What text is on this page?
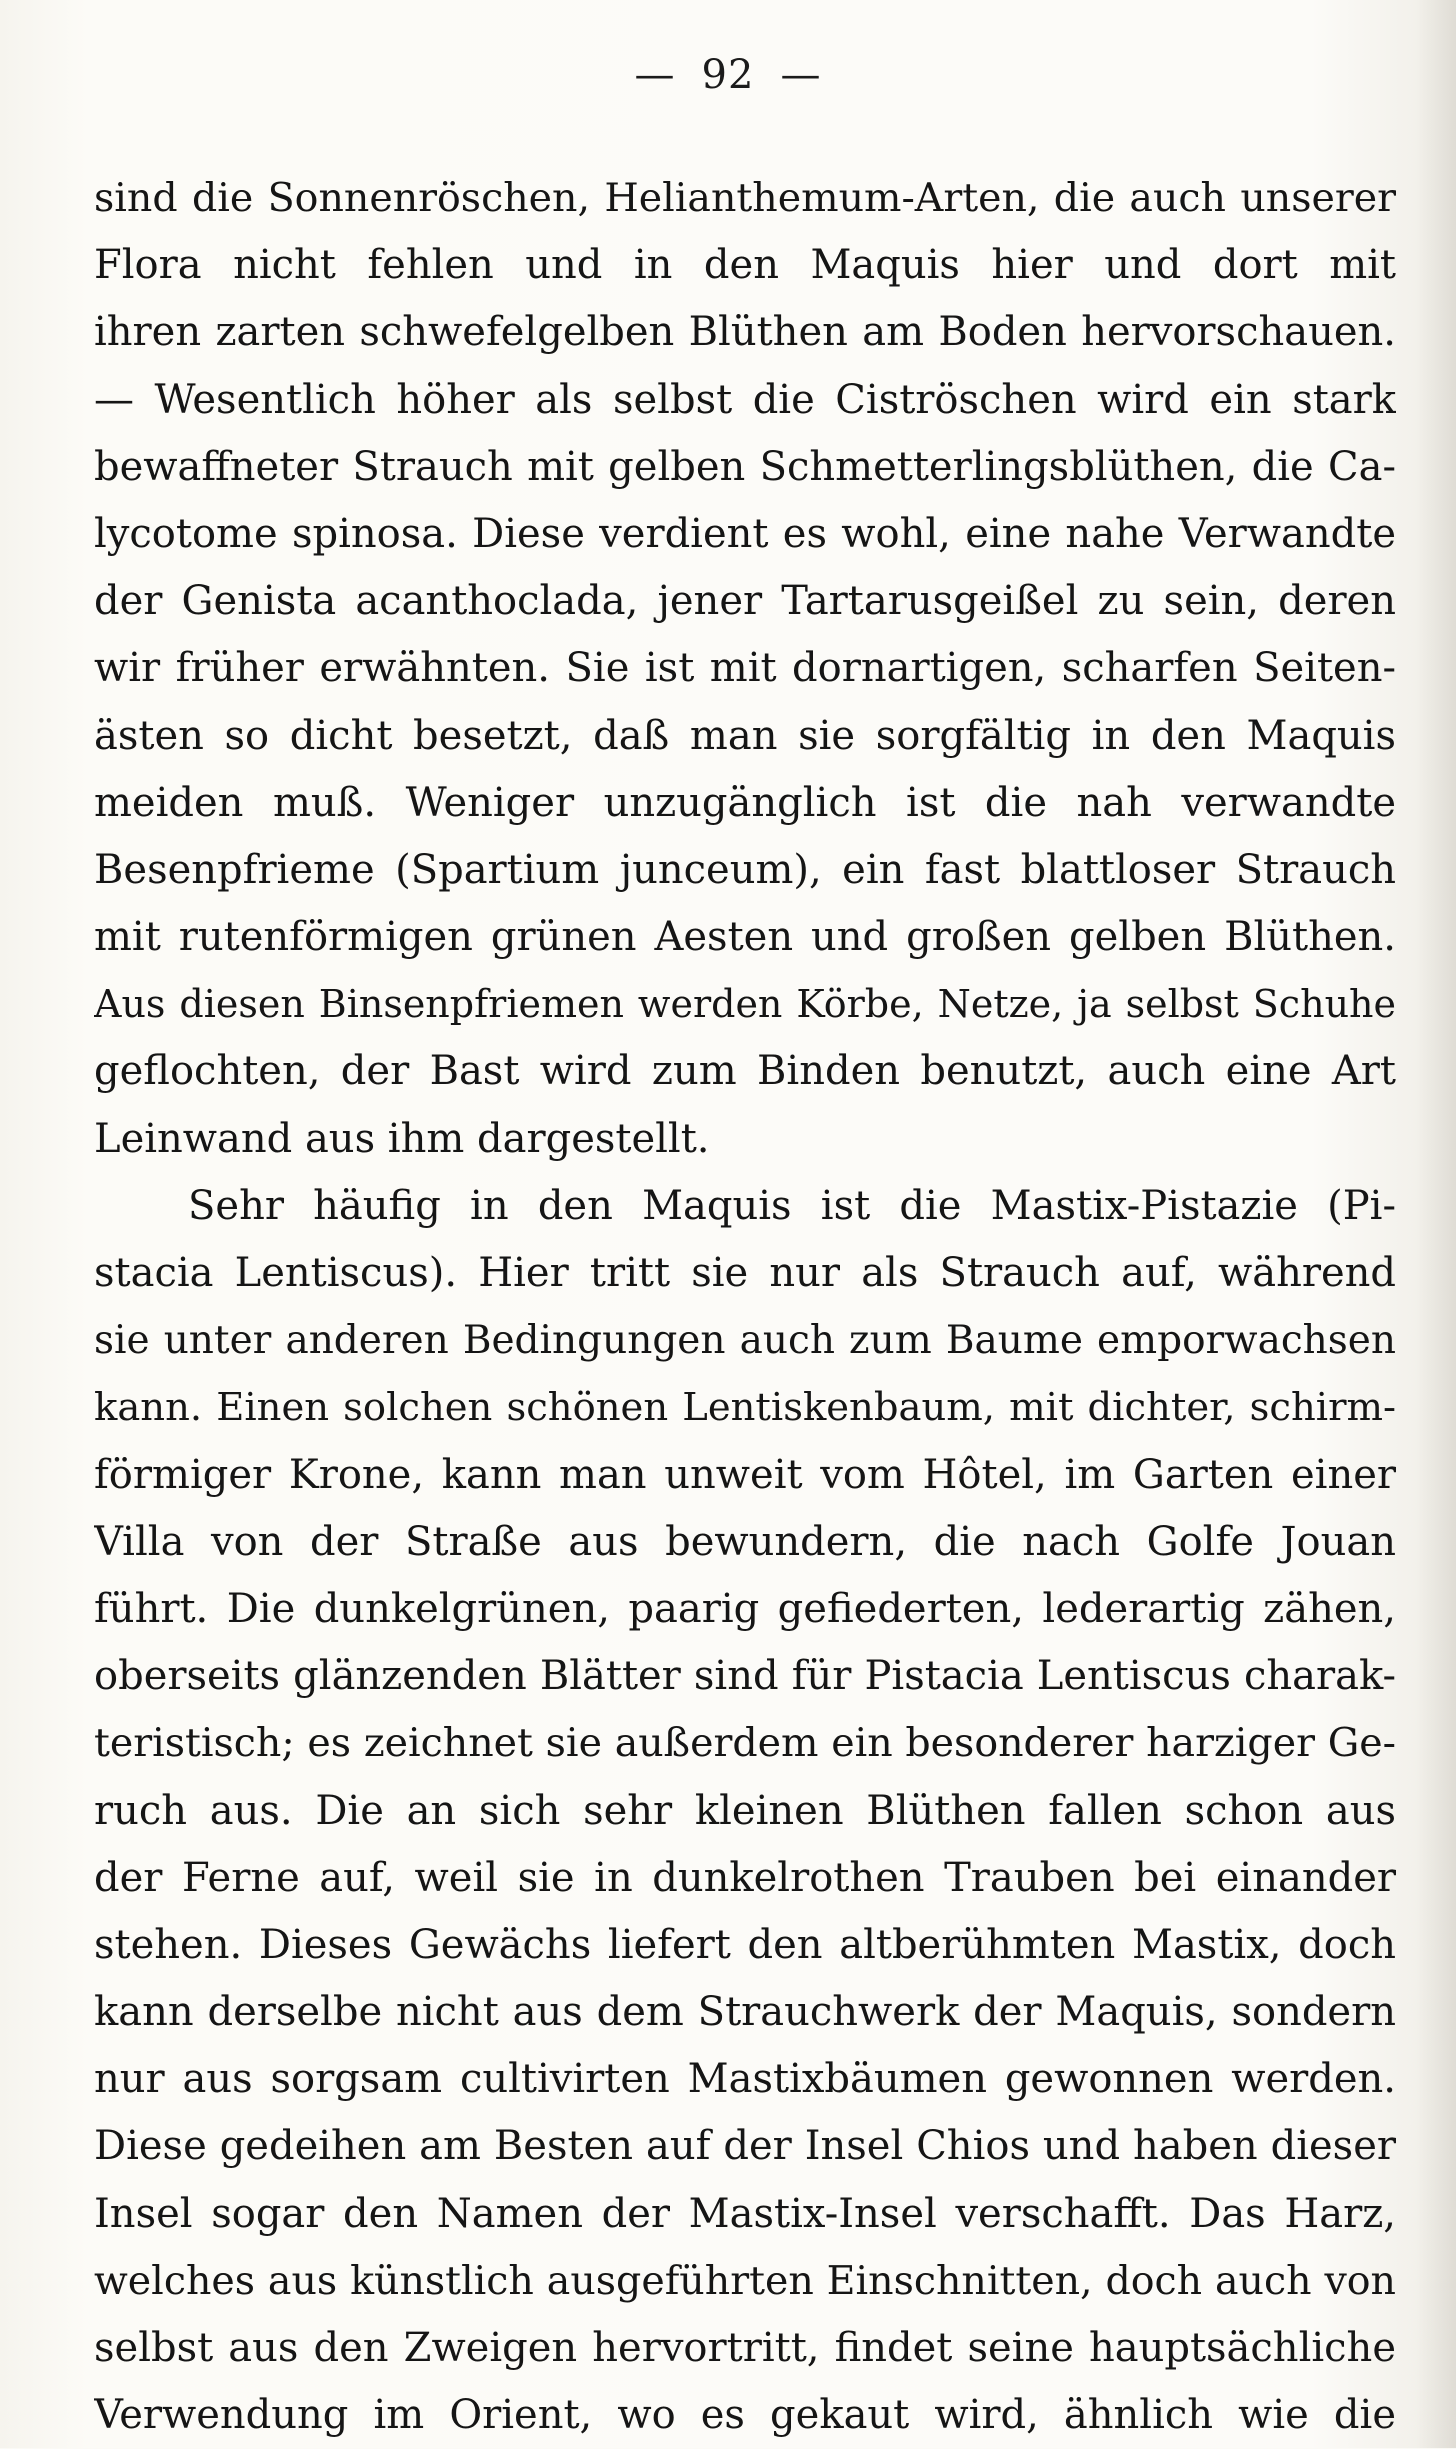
— 92 —
sind die Sonnenröschen, Helianthemum-Arten, die auch unserer
Flora nicht fehlen und in den Maquis hier und dort mit
ihren zarten schwefelgelben Blüthen am Boden hervorschauen.
— Wesentlich höher als selbst die Ciströschen wird ein stark
bewaffneter Strauch mit gelben Schmetterlingsblüthen, die Ca-
lycotome spinosa. Diese verdient es wohl, eine nahe Verwandte
der Genista acanthoclada, jener Tartarusgeißel zu sein, deren
wir früher erwähnten. Sie ist mit dornartigen, scharfen Seiten-
ästen so dicht besetzt, daß man sie sorgfältig in den Maquis
meiden muß. Weniger unzugänglich ist die nah verwandte
Besenpfrieme (Spartium junceum), ein fast blattloser Strauch
mit rutenförmigen grünen Aesten und großen gelben Blüthen.
Aus diesen Binsenpfriemen werden Körbe, Netze, ja selbst Schuhe
geflochten, der Bast wird zum Binden benutzt, auch eine Art
Leinwand aus ihm dargestellt.
Sehr häufig in den Maquis ist die Mastix-Pistazie (Pi-
stacia Lentiscus). Hier tritt sie nur als Strauch auf, während
sie unter anderen Bedingungen auch zum Baume emporwachsen
kann. Einen solchen schönen Lentiskenbaum, mit dichter, schirm-
förmiger Krone, kann man unweit vom Hôtel, im Garten einer
Villa von der Straße aus bewundern, die nach Golfe Jouan
führt. Die dunkelgrünen, paarig gefiederten, lederartig zähen,
oberseits glänzenden Blätter sind für Pistacia Lentiscus charak-
teristisch; es zeichnet sie außerdem ein besonderer harziger Ge-
ruch aus. Die an sich sehr kleinen Blüthen fallen schon aus
der Ferne auf, weil sie in dunkelrothen Trauben bei einander
stehen. Dieses Gewächs liefert den altberühmten Mastix, doch
kann derselbe nicht aus dem Strauchwerk der Maquis, sondern
nur aus sorgsam cultivirten Mastixbäumen gewonnen werden.
Diese gedeihen am Besten auf der Insel Chios und haben dieser
Insel sogar den Namen der Mastix-Insel verschafft. Das Harz,
welches aus künstlich ausgeführten Einschnitten, doch auch von
selbst aus den Zweigen hervortritt, findet seine hauptsächliche
Verwendung im Orient, wo es gekaut wird, ähnlich wie die
